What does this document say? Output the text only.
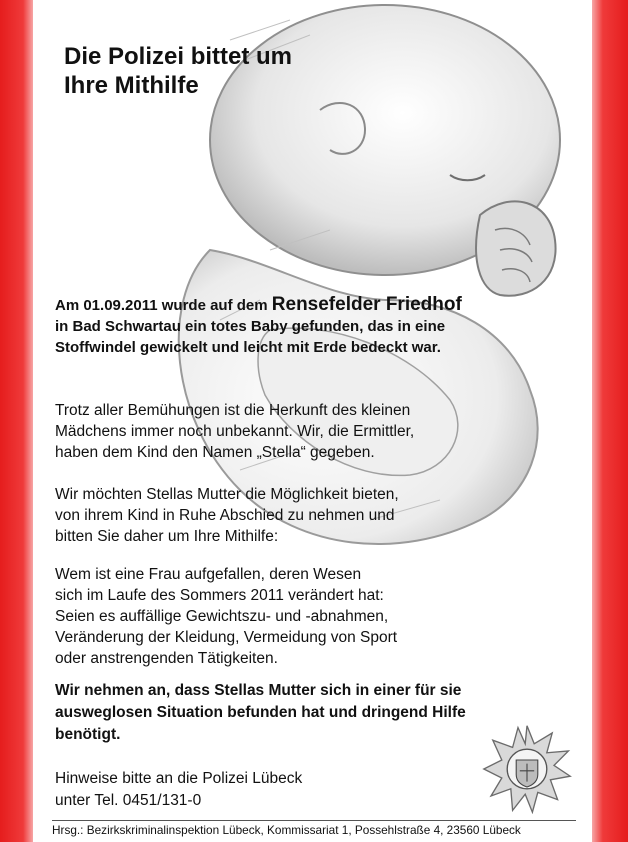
Die Polizei bittet um
Ihre Mithilfe

Am 01.09.2011 wurde auf dem Rensefelder Friedhof
in Bad Schwartau ein totes Baby gefunden, das in eine
Stoffwindel gewickelt und leicht mit Erde bedeckt war.

Trotz aller Bemühungen ist die Herkunft des kleinen
Mädchens immer noch unbekannt. Wir, die Ermittler,
haben dem Kind den Namen „Stella“ gegeben.

Wir möchten Stellas Mutter die Möglichkeit bieten,
von ihrem Kind in Ruhe Abschied zu nehmen und
bitten Sie daher um Ihre Mithilfe:

Wem ist eine Frau aufgefallen, deren Wesen
sich im Laufe des Sommers 2011 verändert hat:
Seien es auffällige Gewichtszu- und -abnahmen,
Veränderung der Kleidung, Vermeidung von Sport
oder anstrengenden Tätigkeiten.

Wir nehmen an, dass Stellas Mutter sich in einer für sie
ausweglosen Situation befunden hat und dringend Hilfe
benötigt.

Hinweise bitte an die Polizei Lübeck
unter Tel. 0451/131-0

Hrsg.: Bezirkskriminalinspektion Lübeck, Kommissariat 1, Possehlstraße 4, 23560 Lübeck
